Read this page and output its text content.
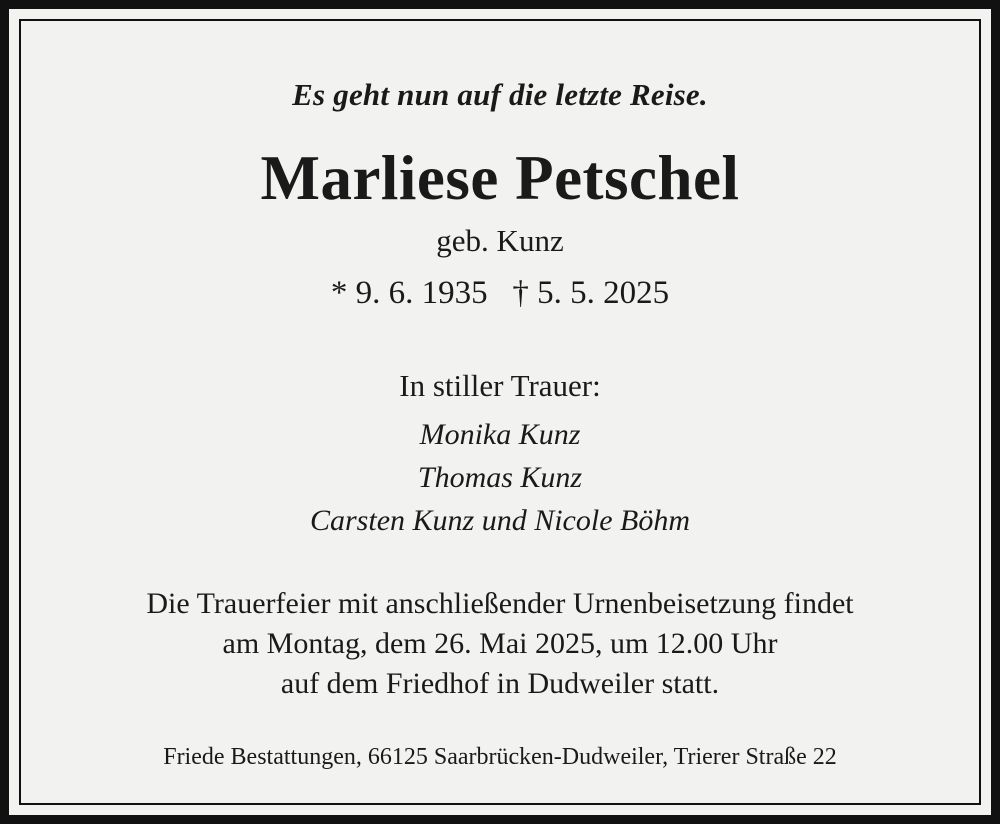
Es geht nun auf die letzte Reise.
Marliese Petschel
geb. Kunz
* 9. 6. 1935   † 5. 5. 2025
In stiller Trauer:
Monika Kunz
Thomas Kunz
Carsten Kunz und Nicole Böhm
Die Trauerfeier mit anschließender Urnenbeisetzung findet
am Montag, dem 26. Mai 2025, um 12.00 Uhr
auf dem Friedhof in Dudweiler statt.
Friede Bestattungen, 66125 Saarbrücken-Dudweiler, Trierer Straße 22
